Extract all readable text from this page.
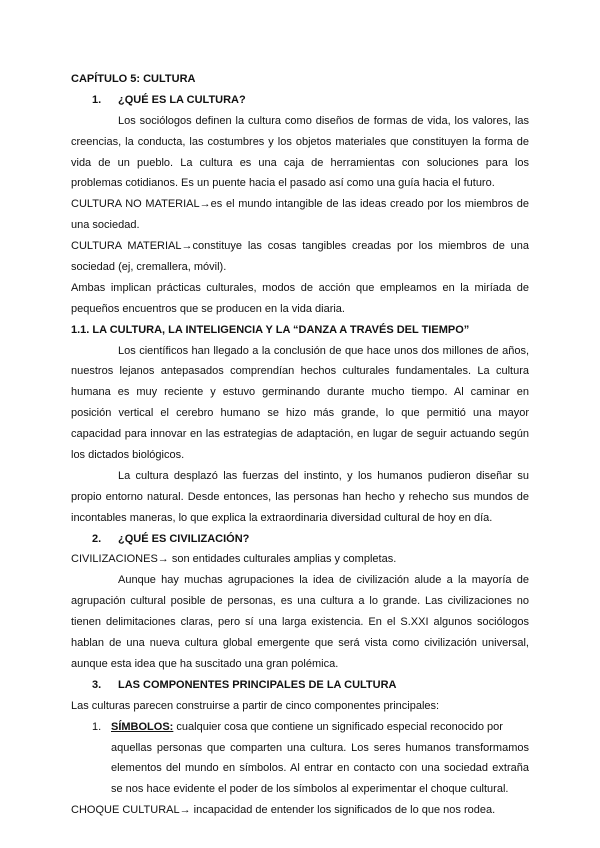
CAPÍTULO 5: CULTURA
1. ¿QUÉ ES LA CULTURA?
Los sociólogos definen la cultura como diseños de formas de vida, los valores, las
creencias, la conducta, las costumbres y los objetos materiales que constituyen la forma de
vida de un pueblo. La cultura es una caja de herramientas con soluciones para los
problemas cotidianos. Es un puente hacia el pasado así como una guía hacia el futuro.
CULTURA NO MATERIAL→es el mundo intangible de las ideas creado por los miembros de
una sociedad.
CULTURA MATERIAL→constituye las cosas tangibles creadas por los miembros de una
sociedad (ej, cremallera, móvil).
Ambas implican prácticas culturales, modos de acción que empleamos en la miríada de
pequeños encuentros que se producen en la vida diaria.
1.1. LA CULTURA, LA INTELIGENCIA Y LA “DANZA A TRAVÉS DEL TIEMPO”
Los científicos han llegado a la conclusión de que hace unos dos millones de años,
nuestros lejanos antepasados comprendían hechos culturales fundamentales. La cultura
humana es muy reciente y estuvo germinando durante mucho tiempo. Al caminar en
posición vertical el cerebro humano se hizo más grande, lo que permitió una mayor
capacidad para innovar en las estrategias de adaptación, en lugar de seguir actuando según
los dictados biológicos.
La cultura desplazó las fuerzas del instinto, y los humanos pudieron diseñar su
propio entorno natural. Desde entonces, las personas han hecho y rehecho sus mundos de
incontables maneras, lo que explica la extraordinaria diversidad cultural de hoy en día.
2. ¿QUÉ ES CIVILIZACIÓN?
CIVILIZACIONES→ son entidades culturales amplias y completas.
Aunque hay muchas agrupaciones la idea de civilización alude a la mayoría de
agrupación cultural posible de personas, es una cultura a lo grande. Las civilizaciones no
tienen delimitaciones claras, pero sí una larga existencia. En el S.XXI algunos sociólogos
hablan de una nueva cultura global emergente que será vista como civilización universal,
aunque esta idea que ha suscitado una gran polémica.
3. LAS COMPONENTES PRINCIPALES DE LA CULTURA
Las culturas parecen construirse a partir de cinco componentes principales:
1. SÍMBOLOS: cualquier cosa que contiene un significado especial reconocido por
aquellas personas que comparten una cultura. Los seres humanos transformamos
elementos del mundo en símbolos. Al entrar en contacto con una sociedad extraña
se nos hace evidente el poder de los símbolos al experimentar el choque cultural.
CHOQUE CULTURAL→ incapacidad de entender los significados de lo que nos rodea.
